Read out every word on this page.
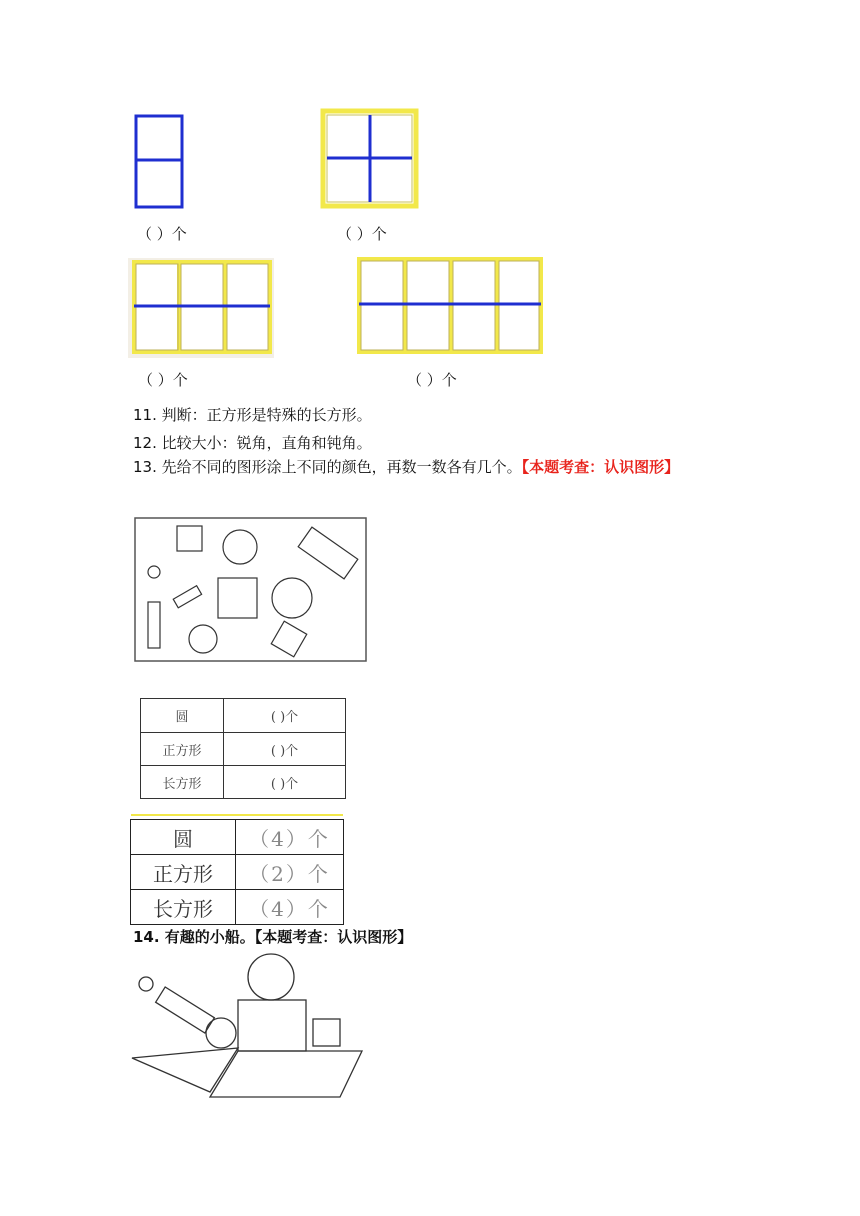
（ ）个	（ ）个
（ ）个	（ ）个
11. 判断：正方形是特殊的长方形。
12. 比较大小：锐角，直角和钝角。
13. 先给不同的图形涂上不同的颜色，再数一数各有几个。【本题考查：认识图形】
圆	( )个
正方形	( )个
长方形	( )个
圆	（4）个
正方形	（2）个
长方形	（4）个
14. 有趣的小船。【本题考查：认识图形】
